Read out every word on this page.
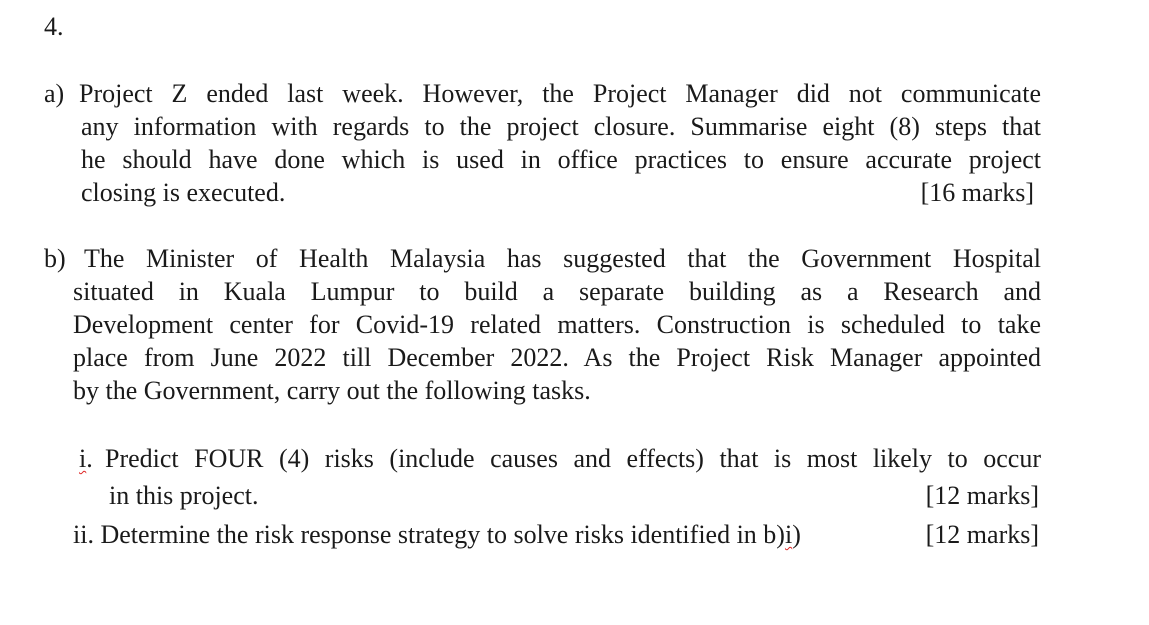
4.
a) Project Z ended last week. However, the Project Manager did not communicate
any information with regards to the project closure. Summarise eight (8) steps that
he should have done which is used in office practices to ensure accurate project
closing is executed.	[16 marks]
b) The Minister of Health Malaysia has suggested that the Government Hospital
situated in Kuala Lumpur to build a separate building as a Research and
Development center for Covid-19 related matters. Construction is scheduled to take
place from June 2022 till December 2022. As the Project Risk Manager appointed
by the Government, carry out the following tasks.
i. Predict FOUR (4) risks (include causes and effects) that is most likely to occur
in this project.	[12 marks]
ii. Determine the risk response strategy to solve risks identified in b)i)	[12 marks]
